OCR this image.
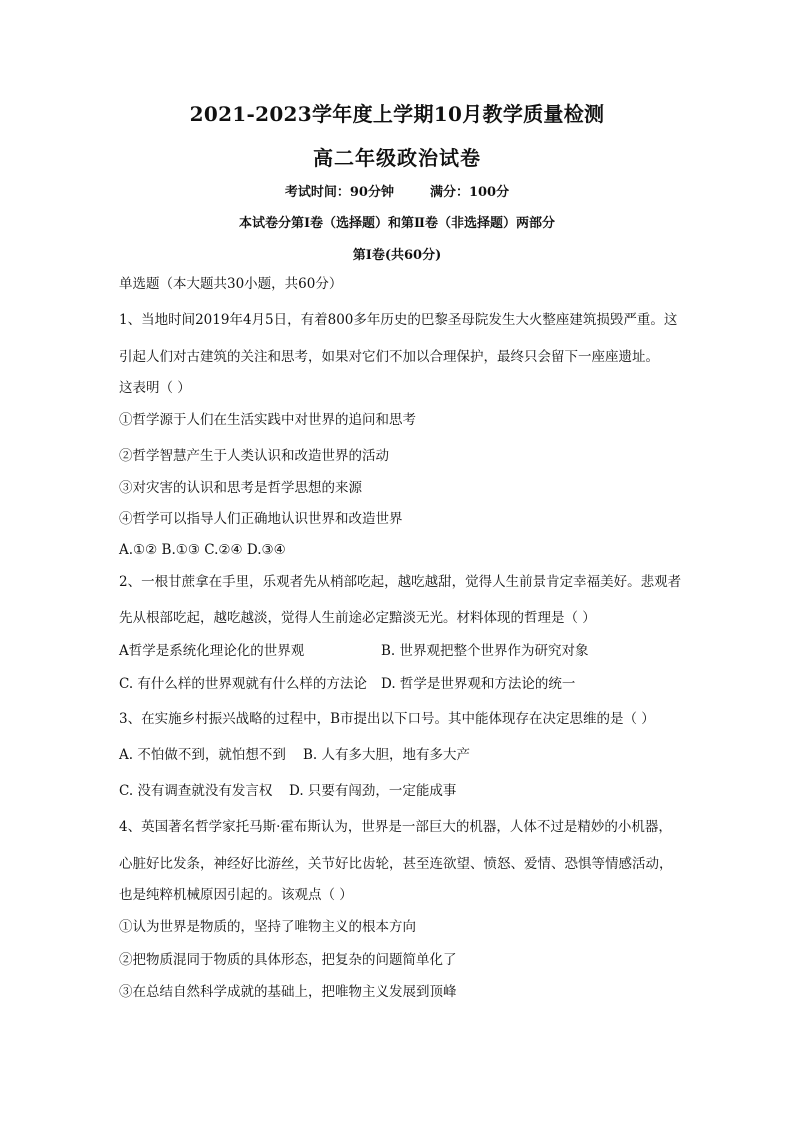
2021-2023学年度上学期10月教学质量检测
高二年级政治试卷
考试时间：90分钟	满分：100分
本试卷分第Ⅰ卷（选择题）和第Ⅱ卷（非选择题）两部分
第Ⅰ卷(共60分)
单选题（本大题共30小题，共60分）
1、当地时间2019年4月5日，有着800多年历史的巴黎圣母院发生大火整座建筑损毁严重。这
引起人们对古建筑的关注和思考，如果对它们不加以合理保护，最终只会留下一座座遗址。
这表明（ ）
①哲学源于人们在生活实践中对世界的追问和思考
②哲学智慧产生于人类认识和改造世界的活动
③对灾害的认识和思考是哲学思想的来源
④哲学可以指导人们正确地认识世界和改造世界
A.①② B.①③ C.②④ D.③④
2、一根甘蔗拿在手里，乐观者先从梢部吃起，越吃越甜，觉得人生前景肯定幸福美好。悲观者
先从根部吃起，越吃越淡，觉得人生前途必定黯淡无光。材料体现的哲理是（ ）
A哲学是系统化理论化的世界观	B. 世界观把整个世界作为研究对象
C. 有什么样的世界观就有什么样的方法论 D. 哲学是世界观和方法论的统一
3、在实施乡村振兴战略的过程中，B市提出以下口号。其中能体现存在决定思维的是（ ）
A. 不怕做不到，就怕想不到 B. 人有多大胆，地有多大产
C. 没有调查就没有发言权 D. 只要有闯劲，一定能成事
4、英国著名哲学家托马斯·霍布斯认为，世界是一部巨大的机器，人体不过是精妙的小机器，
心脏好比发条，神经好比游丝，关节好比齿轮，甚至连欲望、愤怒、爱情、恐惧等情感活动，
也是纯粹机械原因引起的。该观点（ ）
①认为世界是物质的，坚持了唯物主义的根本方向
②把物质混同于物质的具体形态，把复杂的问题简单化了
③在总结自然科学成就的基础上，把唯物主义发展到顶峰
